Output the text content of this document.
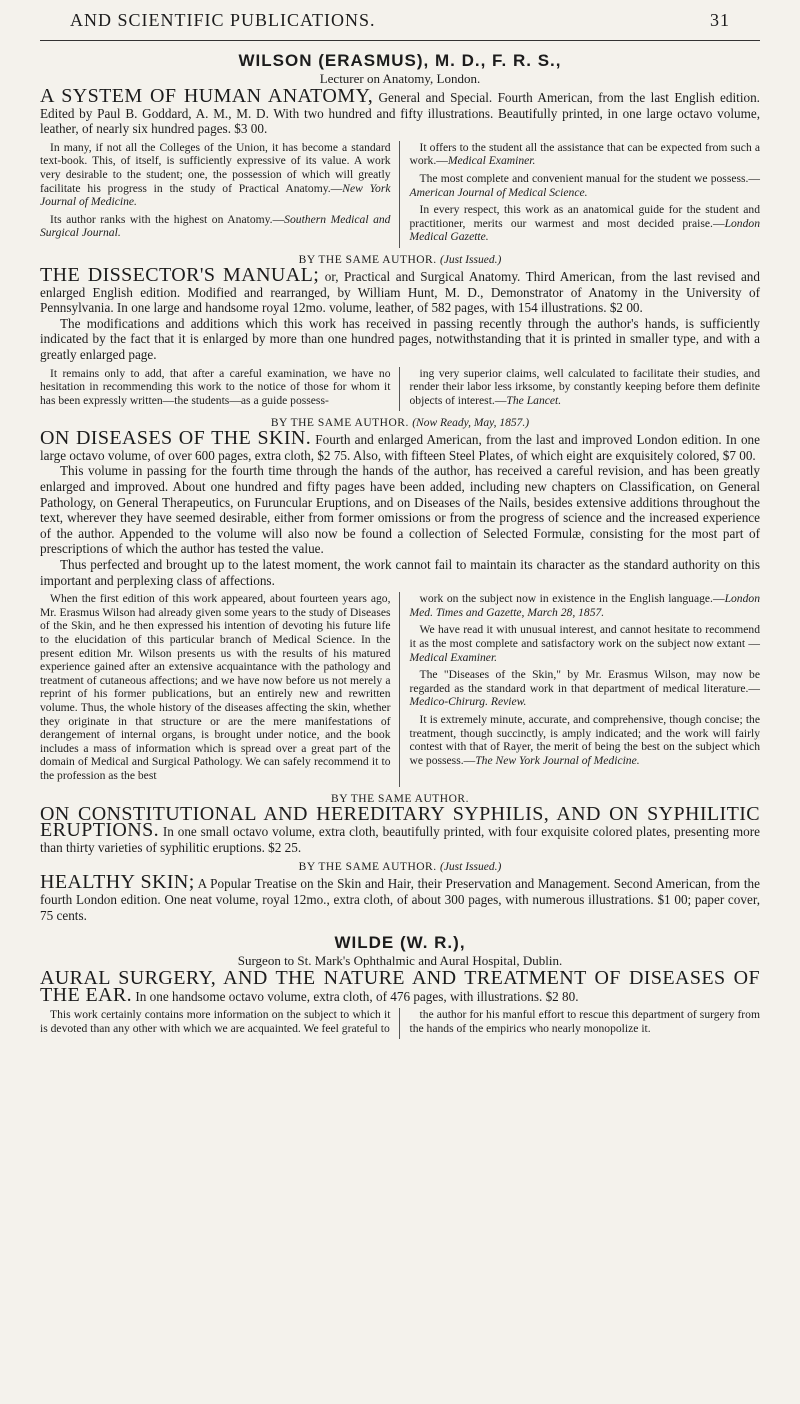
AND SCIENTIFIC PUBLICATIONS.	31
WILSON (ERASMUS), M. D., F. R. S.,
Lecturer on Anatomy, London.

A SYSTEM OF HUMAN ANATOMY, General and Special. Fourth American, from the last English edition. Edited by Paul B. Goddard, A. M., M. D. With two hundred and fifty illustrations. Beautifully printed, in one large octavo volume, leather, of nearly six hundred pages. $3 00.

In many, if not all the Colleges of the Union, it has become a standard text-book. This, of itself, is sufficiently expressive of its value. A work very desirable to the student; one, the possession of which will greatly facilitate his progress in the study of Practical Anatomy.—New York Journal of Medicine.

Its author ranks with the highest on Anatomy.—Southern Medical and Surgical Journal.

It offers to the student all the assistance that can be expected from such a work.—Medical Examiner.

The most complete and convenient manual for the student we possess.—American Journal of Medical Science.

In every respect, this work as an anatomical guide for the student and practitioner, merits our warmest and most decided praise.—London Medical Gazette.

BY THE SAME AUTHOR. (Just Issued.)

THE DISSECTOR'S MANUAL; or, Practical and Surgical Anatomy. Third American, from the last revised and enlarged English edition. Modified and rearranged, by William Hunt, M. D., Demonstrator of Anatomy in the University of Pennsylvania. In one large and handsome royal 12mo. volume, leather, of 582 pages, with 154 illustrations. $2 00.

The modifications and additions which this work has received in passing recently through the author's hands, is sufficiently indicated by the fact that it is enlarged by more than one hundred pages, notwithstanding that it is printed in smaller type, and with a greatly enlarged page.

It remains only to add, that after a careful examination, we have no hesitation in recommending this work to the notice of those for whom it has been expressly written—the students—as a guide possess-

ing very superior claims, well calculated to facilitate their studies, and render their labor less irksome, by constantly keeping before them definite objects of interest.—The Lancet.

BY THE SAME AUTHOR. (Now Ready, May, 1857.)

ON DISEASES OF THE SKIN. Fourth and enlarged American, from the last and improved London edition. In one large octavo volume, of over 600 pages, extra cloth, $2 75. Also, with fifteen Steel Plates, of which eight are exquisitely colored, $7 00.

This volume in passing for the fourth time through the hands of the author, has received a careful revision, and has been greatly enlarged and improved. About one hundred and fifty pages have been added, including new chapters on Classification, on General Pathology, on General Therapeutics, on Furuncular Eruptions, and on Diseases of the Nails, besides extensive additions throughout the text, wherever they have seemed desirable, either from former omissions or from the progress of science and the increased experience of the author. Appended to the volume will also now be found a collection of Selected Formulæ, consisting for the most part of prescriptions of which the author has tested the value.

Thus perfected and brought up to the latest moment, the work cannot fail to maintain its character as the standard authority on this important and perplexing class of affections.

When the first edition of this work appeared, about fourteen years ago, Mr. Erasmus Wilson had already given some years to the study of Diseases of the Skin, and he then expressed his intention of devoting his future life to the elucidation of this particular branch of Medical Science. In the present edition Mr. Wilson presents us with the results of his matured experience gained after an extensive acquaintance with the pathology and treatment of cutaneous affections; and we have now before us not merely a reprint of his former publications, but an entirely new and rewritten volume. Thus, the whole history of the diseases affecting the skin, whether they originate in that structure or are the mere manifestations of derangement of internal organs, is brought under notice, and the book includes a mass of information which is spread over a great part of the domain of Medical and Surgical Pathology. We can safely recommend it to the profession as the best

work on the subject now in existence in the English language.—London Med. Times and Gazette, March 28, 1857.

We have read it with unusual interest, and cannot hesitate to recommend it as the most complete and satisfactory work on the subject now extant —Medical Examiner.

The "Diseases of the Skin," by Mr. Erasmus Wilson, may now be regarded as the standard work in that department of medical literature.—Medico-Chirurg. Review.

It is extremely minute, accurate, and comprehensive, though concise; the treatment, though succinctly, is amply indicated; and the work will fairly contest with that of Rayer, the merit of being the best on the subject which we possess.—The New York Journal of Medicine.

BY THE SAME AUTHOR.

ON CONSTITUTIONAL AND HEREDITARY SYPHILIS, AND ON SYPHILITIC ERUPTIONS. In one small octavo volume, extra cloth, beautifully printed, with four exquisite colored plates, presenting more than thirty varieties of syphilitic eruptions. $2 25.

BY THE SAME AUTHOR. (Just Issued.)

HEALTHY SKIN; A Popular Treatise on the Skin and Hair, their Preservation and Management. Second American, from the fourth London edition. One neat volume, royal 12mo., extra cloth, of about 300 pages, with numerous illustrations. $1 00; paper cover, 75 cents.

WILDE (W. R.),
Surgeon to St. Mark's Ophthalmic and Aural Hospital, Dublin.

AURAL SURGERY, AND THE NATURE AND TREATMENT OF DISEASES OF THE EAR. In one handsome octavo volume, extra cloth, of 476 pages, with illustrations. $2 80.

This work certainly contains more information on the subject to which it is devoted than any other with which we are acquainted. We feel grateful to

the author for his manful effort to rescue this department of surgery from the hands of the empirics who nearly monopolize it.
